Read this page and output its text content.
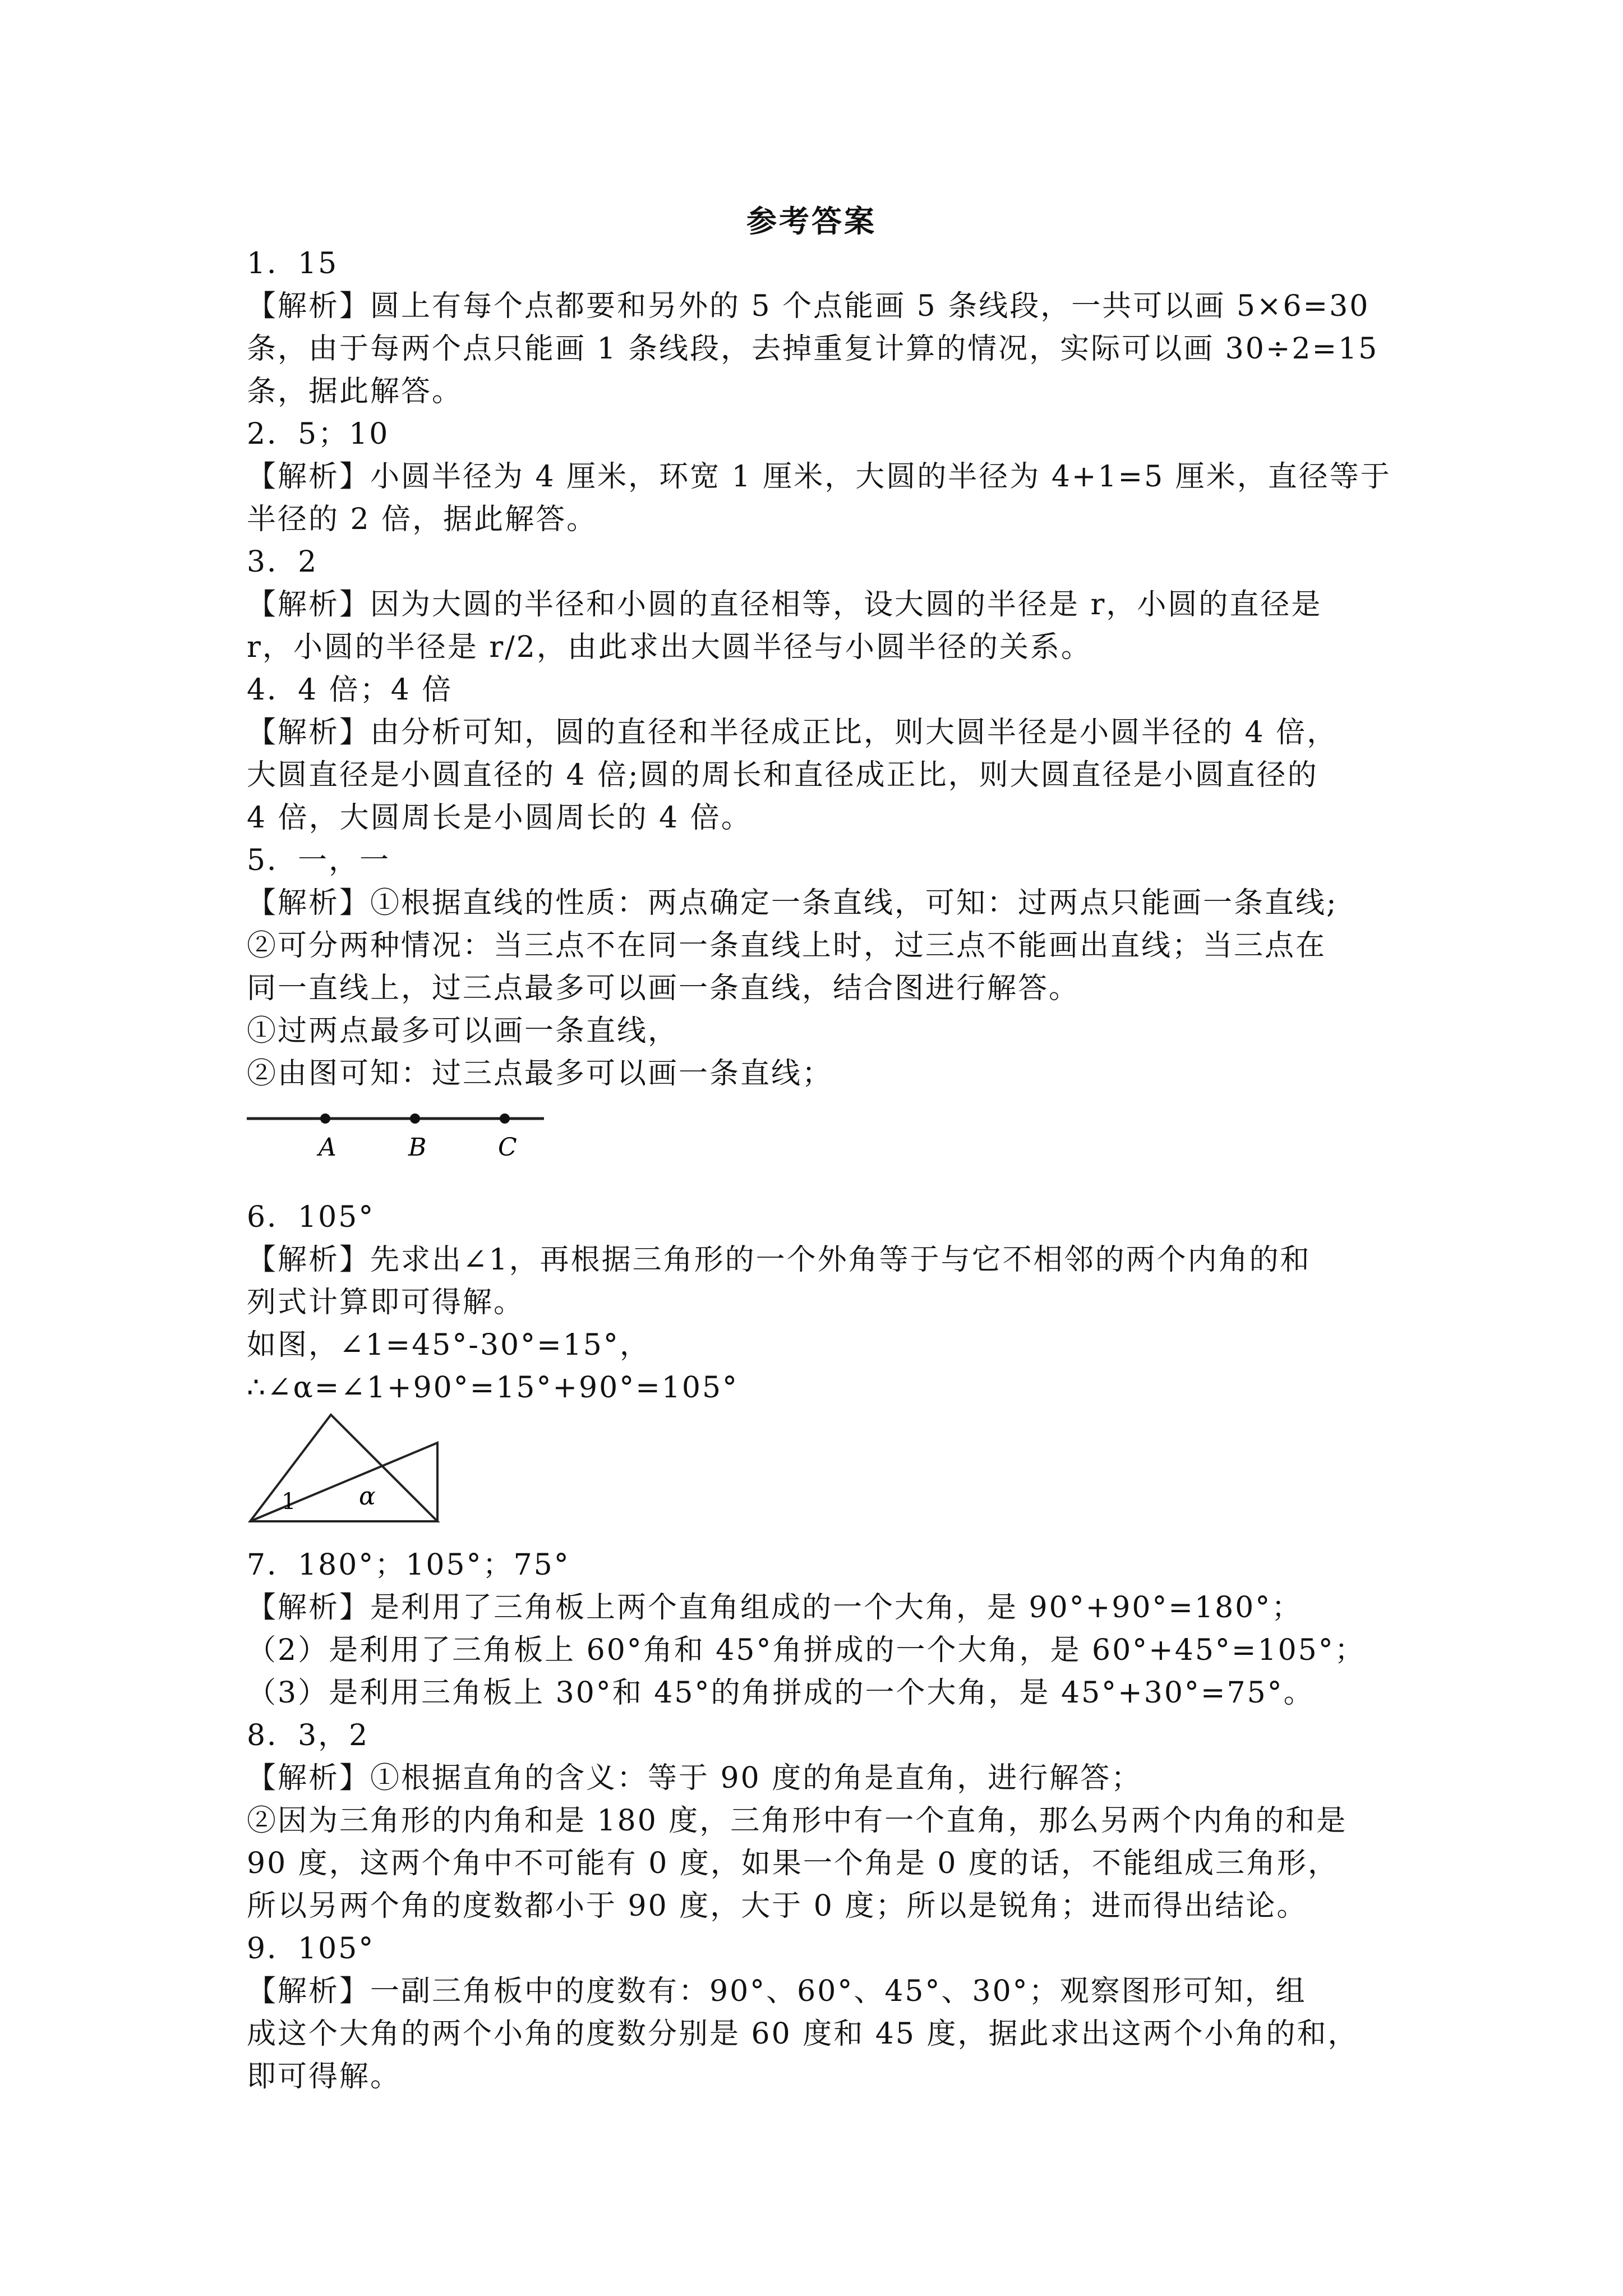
参考答案
1．15
【解析】圆上有每个点都要和另外的 5 个点能画 5 条线段，一共可以画 5×6=30
条，由于每两个点只能画 1 条线段，去掉重复计算的情况，实际可以画 30÷2=15
条，据此解答。
2．5；10
【解析】小圆半径为 4 厘米，环宽 1 厘米，大圆的半径为 4+1=5 厘米，直径等于
半径的 2 倍，据此解答。
3．2
【解析】因为大圆的半径和小圆的直径相等，设大圆的半径是 r，小圆的直径是
r，小圆的半径是 r/2，由此求出大圆半径与小圆半径的关系。
4．4 倍；4 倍
【解析】由分析可知，圆的直径和半径成正比，则大圆半径是小圆半径的 4 倍，
大圆直径是小圆直径的 4 倍;圆的周长和直径成正比，则大圆直径是小圆直径的
4 倍，大圆周长是小圆周长的 4 倍。
5．一，一
【解析】①根据直线的性质：两点确定一条直线，可知：过两点只能画一条直线;
②可分两种情况：当三点不在同一条直线上时，过三点不能画出直线；当三点在
同一直线上，过三点最多可以画一条直线，结合图进行解答。
①过两点最多可以画一条直线，
②由图可知：过三点最多可以画一条直线；
A	B	C
6．105°
【解析】先求出∠1，再根据三角形的一个外角等于与它不相邻的两个内角的和
列式计算即可得解。
如图，∠1=45°-30°=15°，
∴∠α=∠1+90°=15°+90°=105°
1	α
7．180°；105°；75°
【解析】是利用了三角板上两个直角组成的一个大角，是 90°+90°=180°；
（2）是利用了三角板上 60°角和 45°角拼成的一个大角，是 60°+45°=105°；
（3）是利用三角板上 30°和 45°的角拼成的一个大角，是 45°+30°=75°。
8．3，2
【解析】①根据直角的含义：等于 90 度的角是直角，进行解答；
②因为三角形的内角和是 180 度，三角形中有一个直角，那么另两个内角的和是
90 度，这两个角中不可能有 0 度，如果一个角是 0 度的话，不能组成三角形，
所以另两个角的度数都小于 90 度，大于 0 度；所以是锐角；进而得出结论。
9．105°
【解析】一副三角板中的度数有：90°、60°、45°、30°；观察图形可知，组
成这个大角的两个小角的度数分别是 60 度和 45 度，据此求出这两个小角的和，
即可得解。
